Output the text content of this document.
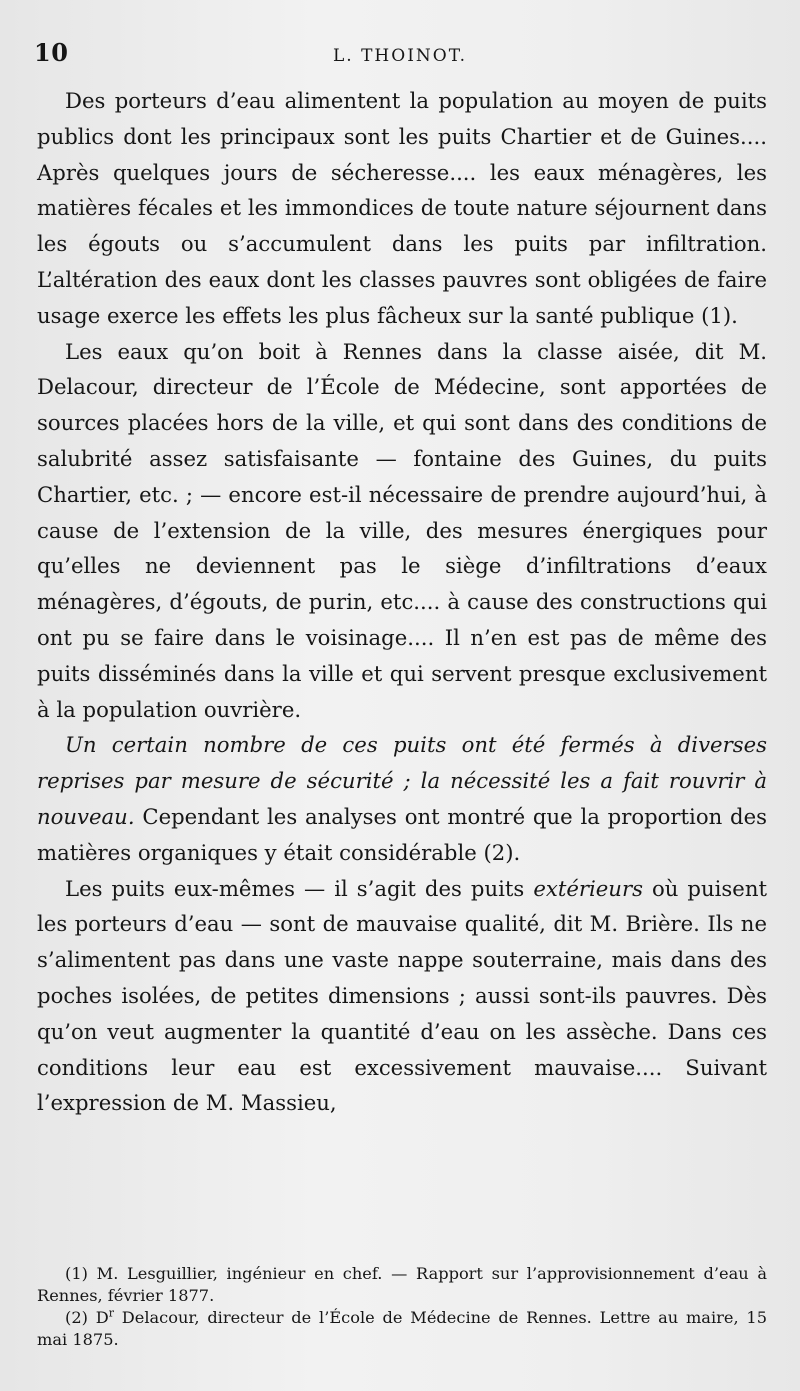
10	L. THOINOT.

Des porteurs d’eau alimentent la population au moyen de puits publics dont les principaux sont les puits Chartier et de Guines.... Après quelques jours de sécheresse.... les eaux ménagères, les matières fécales et les immondices de toute nature séjournent dans les égouts ou s’accumulent dans les puits par infiltration. L’altération des eaux dont les classes pauvres sont obligées de faire usage exerce les effets les plus fâcheux sur la santé publique (1).

Les eaux qu’on boit à Rennes dans la classe aisée, dit M. Delacour, directeur de l’École de Médecine, sont apportées de sources placées hors de la ville, et qui sont dans des conditions de salubrité assez satisfaisante — fontaine des Guines, du puits Chartier, etc. ; — encore est-il nécessaire de prendre aujourd’hui, à cause de l’extension de la ville, des mesures énergiques pour qu’elles ne deviennent pas le siège d’infiltrations d’eaux ménagères, d’égouts, de purin, etc.... à cause des constructions qui ont pu se faire dans le voisinage.... Il n’en est pas de même des puits disséminés dans la ville et qui servent presque exclusivement à la population ouvrière.

Un certain nombre de ces puits ont été fermés à diverses reprises par mesure de sécurité ; la nécessité les a fait rouvrir à nouveau. Cependant les analyses ont montré que la proportion des matières organiques y était considérable (2).

Les puits eux-mêmes — il s’agit des puits extérieurs où puisent les porteurs d’eau — sont de mauvaise qualité, dit M. Brière. Ils ne s’alimentent pas dans une vaste nappe souterraine, mais dans des poches isolées, de petites dimensions ; aussi sont-ils pauvres. Dès qu’on veut augmenter la quantité d’eau on les assèche. Dans ces conditions leur eau est excessivement mauvaise.... Suivant l’expression de M. Massieu,

(1) M. Lesguillier, ingénieur en chef. — Rapport sur l’approvisionnement d’eau à Rennes, février 1877.

(2) $D^r$ Delacour, directeur de l’École de Médecine de Rennes. Lettre au maire, 15 mai 1875.
